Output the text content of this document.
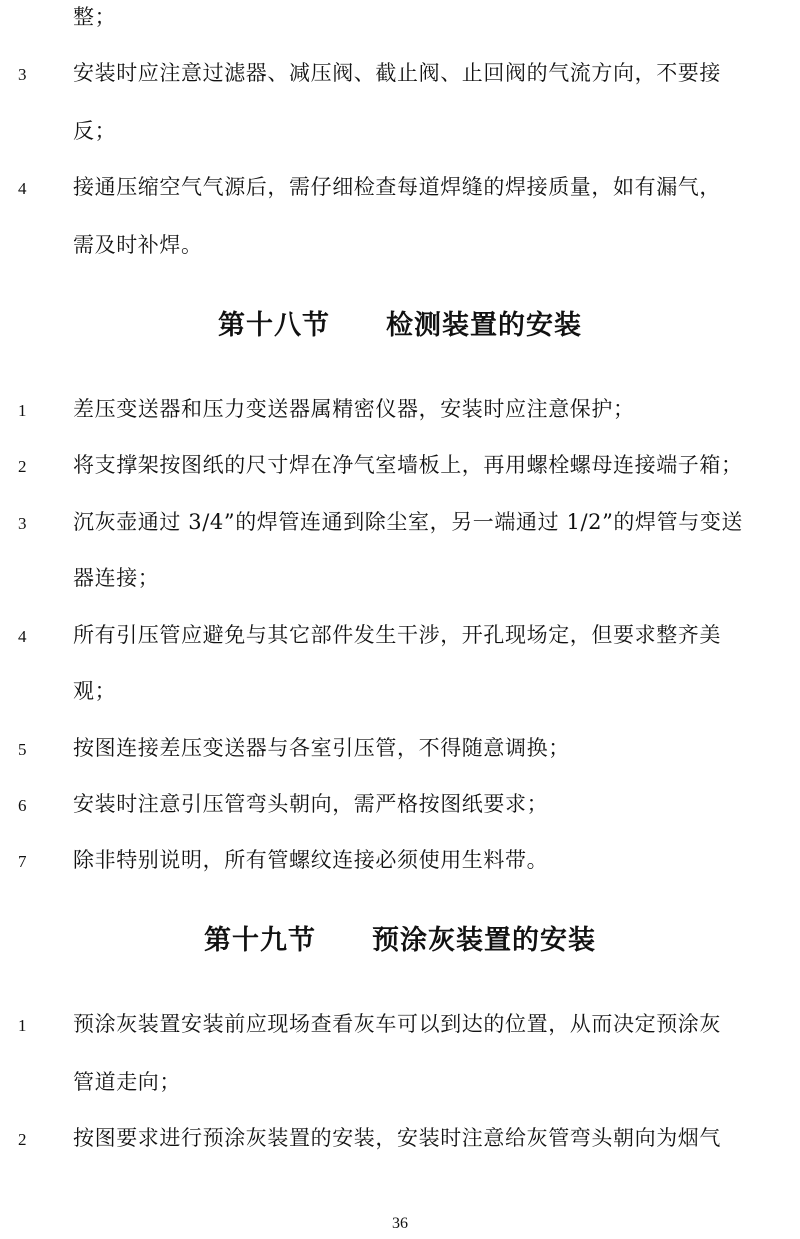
整；
3	安装时应注意过滤器、减压阀、截止阀、止回阀的气流方向，不要接
反；
4	接通压缩空气气源后，需仔细检查每道焊缝的焊接质量，如有漏气，
需及时补焊。
第十八节 检测装置的安装
1	差压变送器和压力变送器属精密仪器，安装时应注意保护；
2	将支撑架按图纸的尺寸焊在净气室墙板上，再用螺栓螺母连接端子箱；
3	沉灰壶通过 3/4”的焊管连通到除尘室，另一端通过 1/2”的焊管与变送
器连接；
4	所有引压管应避免与其它部件发生干涉，开孔现场定，但要求整齐美
观；
5	按图连接差压变送器与各室引压管，不得随意调换；
6	安装时注意引压管弯头朝向，需严格按图纸要求；
7	除非特别说明，所有管螺纹连接必须使用生料带。
第十九节 预涂灰装置的安装
1	预涂灰装置安装前应现场查看灰车可以到达的位置，从而决定预涂灰
管道走向；
2	按图要求进行预涂灰装置的安装，安装时注意给灰管弯头朝向为烟气
36
